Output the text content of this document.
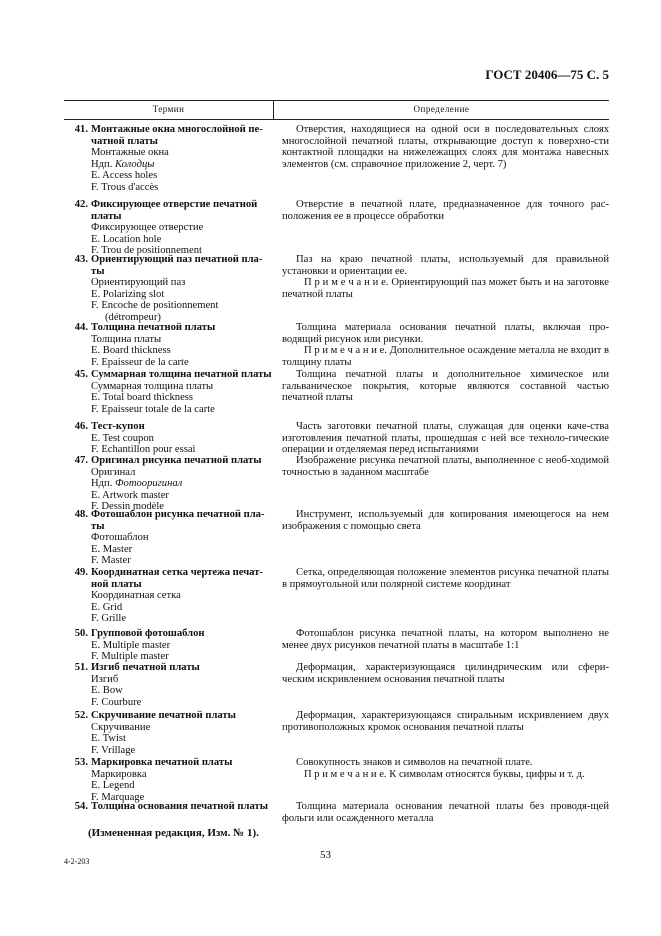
ГОСТ 20406—75 С. 5
Термин	Определение
41. Монтажные окна многослойной пе-
чатной платы
Монтажные окна
Ндп. Колодцы
E. Access holes
F. Trous d'accès

Отверстия, находящиеся на одной оси в последовательных слоях многослойной печатной платы, открывающие доступ к поверхно-сти контактной площадки на нижележащих слоях для монтажа навесных элементов (см. справочное приложение 2, черт. 7)

42. Фиксирующее отверстие печатной
платы
Фиксирующее отверстие
E. Location hole
F. Trou de positionnement

Отверстие в печатной плате, предназначенное для точного рас-положения ее в процессе обработки

43. Ориентирующий паз печатной пла-
ты
Ориентирующий паз
E. Polarizing slot
F. Encoche de positionnement
(détrompeur)

Паз на краю печатной платы, используемый для правильной установки и ориентации ее.

П р и м е ч а н и е. Ориентирующий паз может быть и на заготовке печатной платы

44. Толщина печатной платы
Толщина платы
E. Board thickness
F. Epaisseur de la carte

Толщина материала основания печатной платы, включая про-водящий рисунок или рисунки.

П р и м е ч а н и е. Дополнительное осаждение металла не входит в толщину платы

45. Суммарная толщина печатной платы
Суммарная толщина платы
E. Total board thickness
F. Epaisseur totale de la carte

Толщина печатной платы и дополнительное химическое или гальваническое покрытия, которые являются составной частью печатной платы

46. Тест-купон
E. Test coupon
F. Echantillon pour essai

Часть заготовки печатной платы, служащая для оценки каче-ства изготовления печатной платы, прошедшая с ней все техноло-гические операции и отделяемая перед испытаниями

47. Оригинал рисунка печатной платы
Оригинал
Ндп. Фотооригинал
E. Artwork master
F. Dessin modèle

Изображение рисунка печатной платы, выполненное с необ-ходимой точностью в заданном масштабе

48. Фотошаблон рисунка печатной пла-
ты
Фотошаблон
E. Master
F. Master

Инструмент, используемый для копирования имеющегося на нем изображения с помощью света

49. Координатная сетка чертежа печат-
ной платы
Координатная сетка
E. Grid
F. Grille

Сетка, определяющая положение элементов рисунка печатной платы в прямоугольной или полярной системе координат

50. Групповой фотошаблон
E. Multiple master
F. Multiple master

Фотошаблон рисунка печатной платы, на котором выполнено не менее двух рисунков печатной платы в масштабе 1:1

51. Изгиб печатной платы
Изгиб
E. Bow
F. Courbure

Деформация, характеризующаяся цилиндрическим или сфери-ческим искривлением основания печатной платы

52. Скручивание печатной платы
Скручивание
E. Twist
F. Vrillage

Деформация, характеризующаяся спиральным искривлением двух противоположных кромок основания печатной платы

53. Маркировка печатной платы
Маркировка
E. Legend
F. Marquage

Совокупность знаков и символов на печатной плате.

П р и м е ч а н и е. К символам относятся буквы, цифры и т. д.

54. Толщина основания печатной платы	Толщина материала основания печатной платы без проводя-щей фольги или осажденного металла

(Измененная редакция, Изм. № 1).
4-2-203
53
